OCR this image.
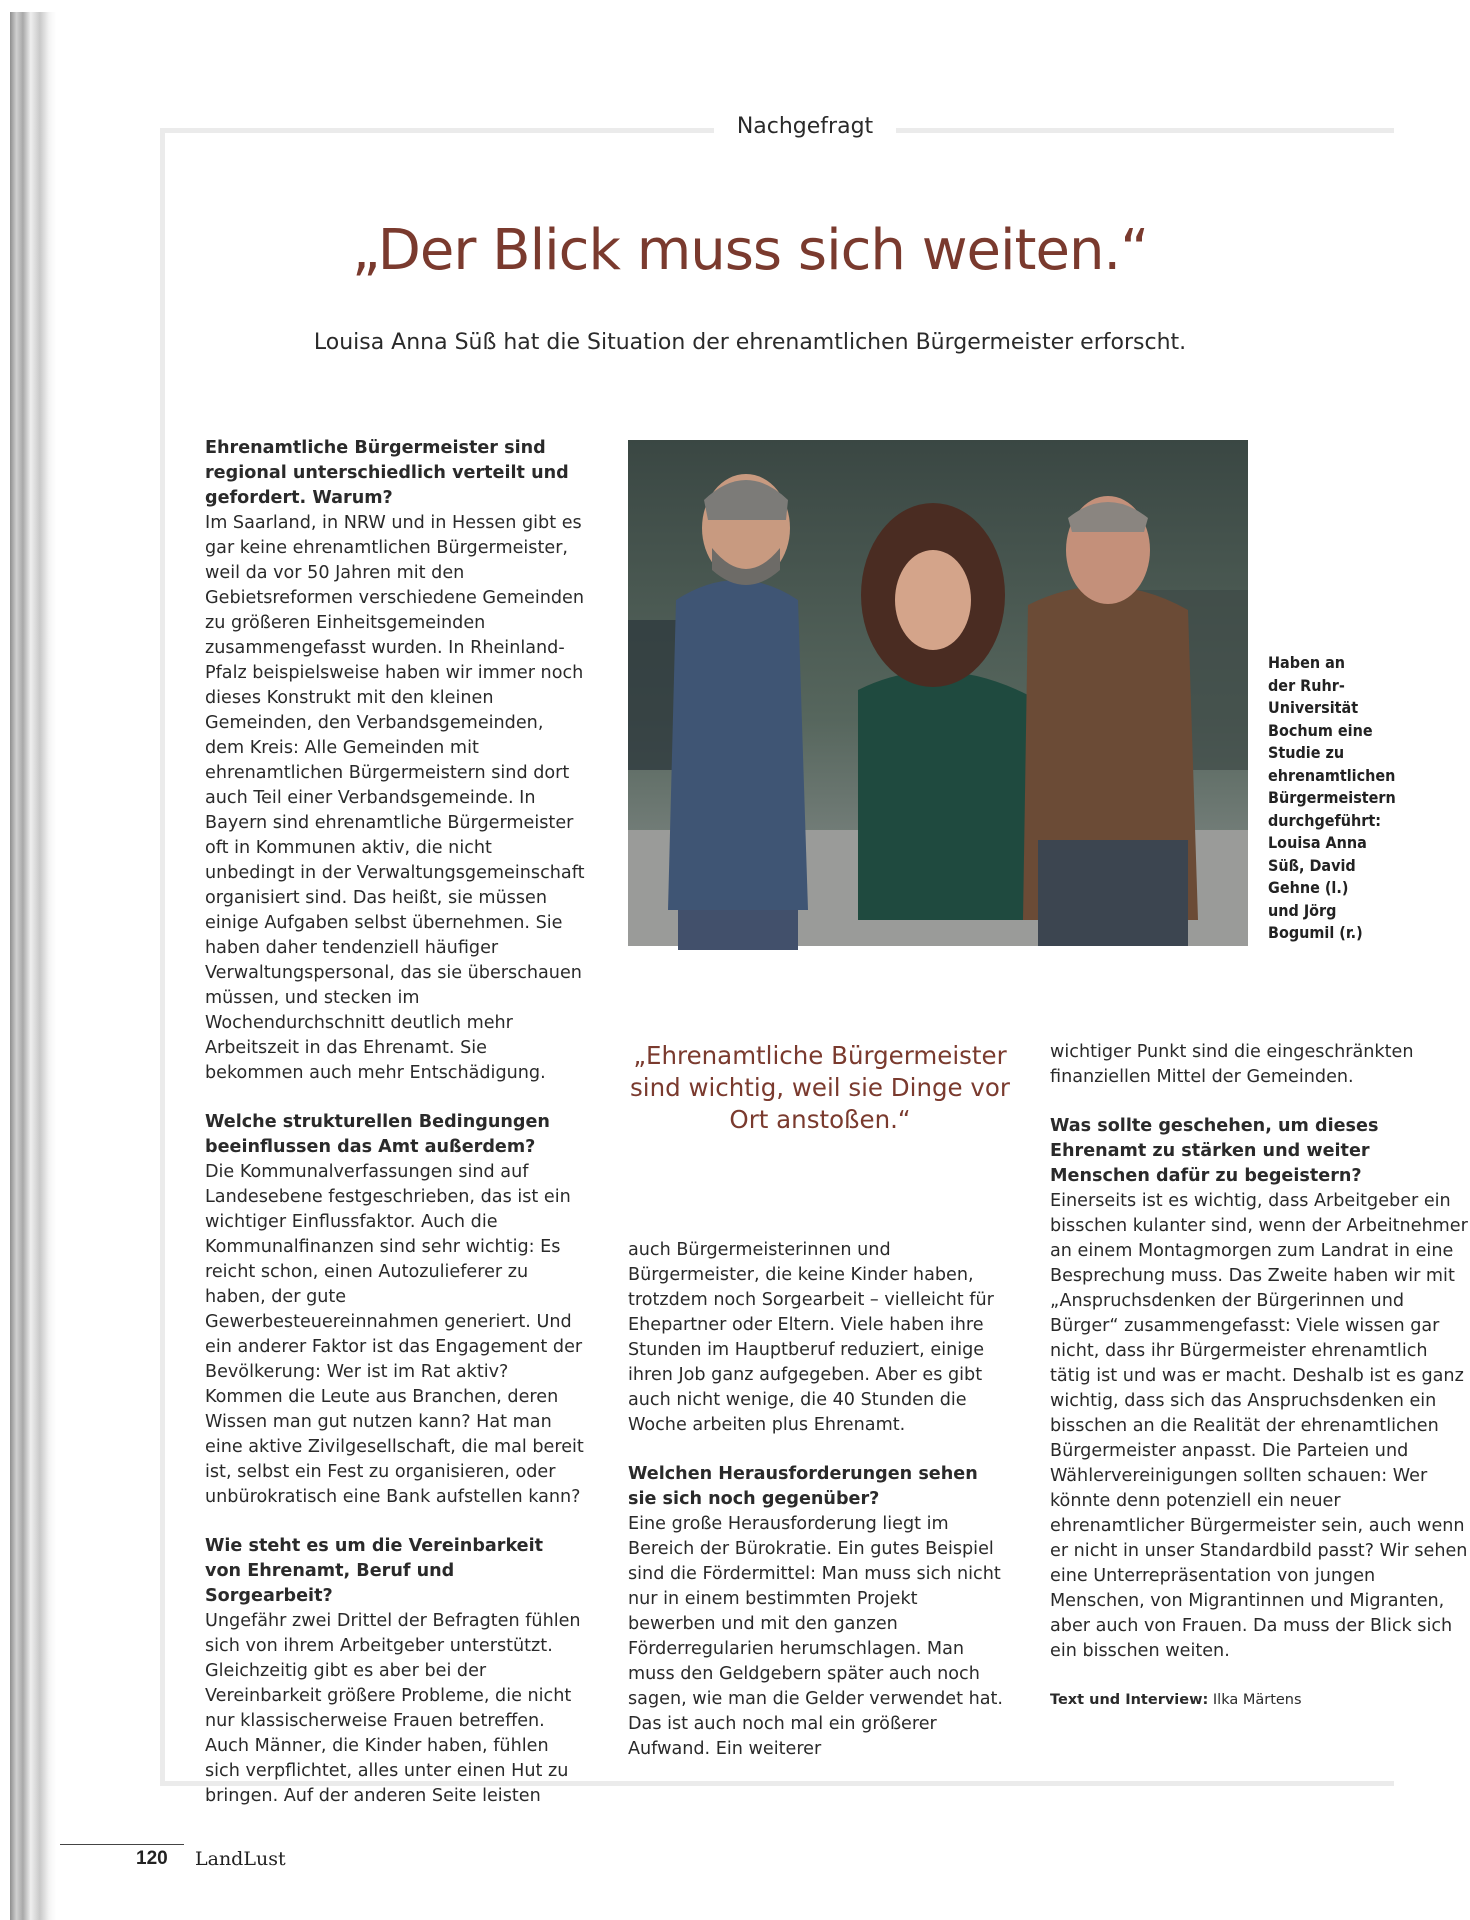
Nachgefragt
„Der Blick muss sich weiten.“

Louisa Anna Süß hat die Situation der ehrenamtlichen Bürgermeister erforscht.

Ehrenamtliche Bürgermeister sind regional unterschiedlich verteilt und gefordert. Warum?
Im Saarland, in NRW und in Hessen gibt es gar keine ehrenamtlichen Bürgermeister, weil da vor 50 Jahren mit den Gebietsreformen verschiedene Gemeinden zu größeren Einheitsgemeinden zusammengefasst wurden. In Rheinland-Pfalz beispielsweise haben wir immer noch dieses Konstrukt mit den kleinen Gemeinden, den Verbandsgemeinden, dem Kreis: Alle Gemeinden mit ehrenamtlichen Bürgermeistern sind dort auch Teil einer Verbandsgemeinde. In Bayern sind ehrenamtliche Bürgermeister oft in Kommunen aktiv, die nicht unbedingt in der Verwaltungsgemeinschaft organisiert sind. Das heißt, sie müssen einige Aufgaben selbst übernehmen. Sie haben daher tendenziell häufiger Verwaltungspersonal, das sie überschauen müssen, und stecken im Wochendurchschnitt deutlich mehr Arbeitszeit in das Ehrenamt. Sie bekommen auch mehr Entschädigung.

Welche strukturellen Bedingungen beeinflussen das Amt außerdem?
Die Kommunalverfassungen sind auf Landesebene festgeschrieben, das ist ein wichtiger Einflussfaktor. Auch die Kommunalfinanzen sind sehr wichtig: Es reicht schon, einen Autozulieferer zu haben, der gute Gewerbesteuereinnahmen generiert. Und ein anderer Faktor ist das Engagement der Bevölkerung: Wer ist im Rat aktiv? Kommen die Leute aus Branchen, deren Wissen man gut nutzen kann? Hat man eine aktive Zivilgesellschaft, die mal bereit ist, selbst ein Fest zu organisieren, oder unbürokratisch eine Bank aufstellen kann?

Wie steht es um die Vereinbarkeit von Ehrenamt, Beruf und Sorgearbeit?
Ungefähr zwei Drittel der Befragten fühlen sich von ihrem Arbeitgeber unterstützt. Gleichzeitig gibt es aber bei der Vereinbarkeit größere Probleme, die nicht nur klassischerweise Frauen betreffen. Auch Männer, die Kinder haben, fühlen sich verpflichtet, alles unter einen Hut zu bringen. Auf der anderen Seite leisten

Haben an
der Ruhr-
Universität
Bochum eine
Studie zu
ehrenamtlichen
Bürgermeistern
durchgeführt:
Louisa Anna
Süß, David
Gehne (l.)
und Jörg
Bogumil (r.)
„Ehrenamtliche Bürgermeister sind wichtig, weil sie Dinge vor Ort anstoßen.“

auch Bürgermeisterinnen und Bürgermeister, die keine Kinder haben, trotzdem noch Sorgearbeit – vielleicht für Ehepartner oder Eltern. Viele haben ihre Stunden im Hauptberuf reduziert, einige ihren Job ganz aufgegeben. Aber es gibt auch nicht wenige, die 40 Stunden die Woche arbeiten plus Ehrenamt.

Welchen Herausforderungen sehen sie sich noch gegenüber?
Eine große Herausforderung liegt im Bereich der Bürokratie. Ein gutes Beispiel sind die Fördermittel: Man muss sich nicht nur in einem bestimmten Projekt bewerben und mit den ganzen Förderregularien herumschlagen. Man muss den Geldgebern später auch noch sagen, wie man die Gelder verwendet hat. Das ist auch noch mal ein größerer Aufwand. Ein weiterer

wichtiger Punkt sind die eingeschränkten finanziellen Mittel der Gemeinden.

Was sollte geschehen, um dieses Ehrenamt zu stärken und weiter Menschen dafür zu begeistern?
Einerseits ist es wichtig, dass Arbeitgeber ein bisschen kulanter sind, wenn der Arbeitnehmer an einem Montagmorgen zum Landrat in eine Besprechung muss. Das Zweite haben wir mit „Anspruchsdenken der Bürgerinnen und Bürger“ zusammengefasst: Viele wissen gar nicht, dass ihr Bürgermeister ehrenamtlich tätig ist und was er macht. Deshalb ist es ganz wichtig, dass sich das Anspruchsdenken ein bisschen an die Realität der ehrenamtlichen Bürgermeister anpasst. Die Parteien und Wählervereinigungen sollten schauen: Wer könnte denn potenziell ein neuer ehrenamtlicher Bürgermeister sein, auch wenn er nicht in unser Standardbild passt? Wir sehen eine Unterrepräsentation von jungen Menschen, von Migrantinnen und Migranten, aber auch von Frauen. Da muss der Blick sich ein bisschen weiten.

Text und Interview: Ilka Märtens

120 LandLust
